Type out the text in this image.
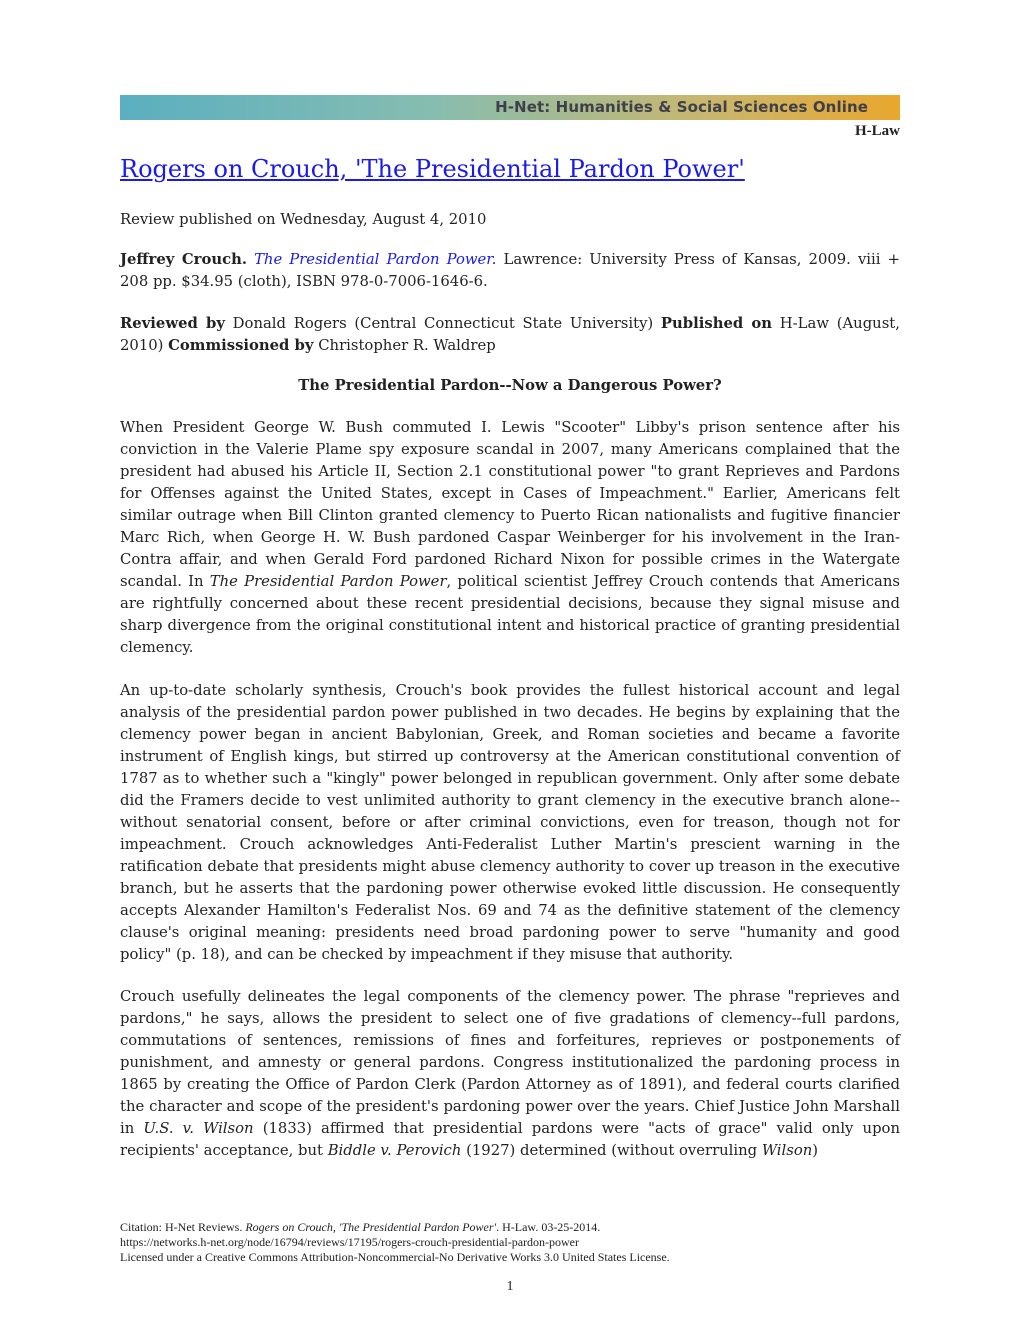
H-Net: Humanities & Social Sciences Online
H-Law
Rogers on Crouch, 'The Presidential Pardon Power'

Review published on Wednesday, August 4, 2010

Jeffrey Crouch. The Presidential Pardon Power. Lawrence: University Press of Kansas, 2009. viii + 208 pp. $34.95 (cloth), ISBN 978-0-7006-1646-6.

Reviewed by Donald Rogers (Central Connecticut State University) Published on H-Law (August, 2010) Commissioned by Christopher R. Waldrep

The Presidential Pardon--Now a Dangerous Power?

When President George W. Bush commuted I. Lewis "Scooter" Libby's prison sentence after his conviction in the Valerie Plame spy exposure scandal in 2007, many Americans complained that the president had abused his Article II, Section 2.1 constitutional power "to grant Reprieves and Pardons for Offenses against the United States, except in Cases of Impeachment." Earlier, Americans felt similar outrage when Bill Clinton granted clemency to Puerto Rican nationalists and fugitive financier Marc Rich, when George H. W. Bush pardoned Caspar Weinberger for his involvement in the Iran-Contra affair, and when Gerald Ford pardoned Richard Nixon for possible crimes in the Watergate scandal. In The Presidential Pardon Power, political scientist Jeffrey Crouch contends that Americans are rightfully concerned about these recent presidential decisions, because they signal misuse and sharp divergence from the original constitutional intent and historical practice of granting presidential clemency.

An up-to-date scholarly synthesis, Crouch's book provides the fullest historical account and legal analysis of the presidential pardon power published in two decades. He begins by explaining that the clemency power began in ancient Babylonian, Greek, and Roman societies and became a favorite instrument of English kings, but stirred up controversy at the American constitutional convention of 1787 as to whether such a "kingly" power belonged in republican government. Only after some debate did the Framers decide to vest unlimited authority to grant clemency in the executive branch alone--without senatorial consent, before or after criminal convictions, even for treason, though not for impeachment. Crouch acknowledges Anti-Federalist Luther Martin's prescient warning in the ratification debate that presidents might abuse clemency authority to cover up treason in the executive branch, but he asserts that the pardoning power otherwise evoked little discussion. He consequently accepts Alexander Hamilton's Federalist Nos. 69 and 74 as the definitive statement of the clemency clause's original meaning: presidents need broad pardoning power to serve "humanity and good policy" (p. 18), and can be checked by impeachment if they misuse that authority.

Crouch usefully delineates the legal components of the clemency power. The phrase "reprieves and pardons," he says, allows the president to select one of five gradations of clemency--full pardons, commutations of sentences, remissions of fines and forfeitures, reprieves or postponements of punishment, and amnesty or general pardons. Congress institutionalized the pardoning process in 1865 by creating the Office of Pardon Clerk (Pardon Attorney as of 1891), and federal courts clarified the character and scope of the president's pardoning power over the years. Chief Justice John Marshall in U.S. v. Wilson (1833) affirmed that presidential pardons were "acts of grace" valid only upon recipients' acceptance, but Biddle v. Perovich (1927) determined (without overruling Wilson)

Citation: H-Net Reviews. Rogers on Crouch, 'The Presidential Pardon Power'. H-Law. 03-25-2014.
https://networks.h-net.org/node/16794/reviews/17195/rogers-crouch-presidential-pardon-power
Licensed under a Creative Commons Attribution-Noncommercial-No Derivative Works 3.0 United States License.
1
